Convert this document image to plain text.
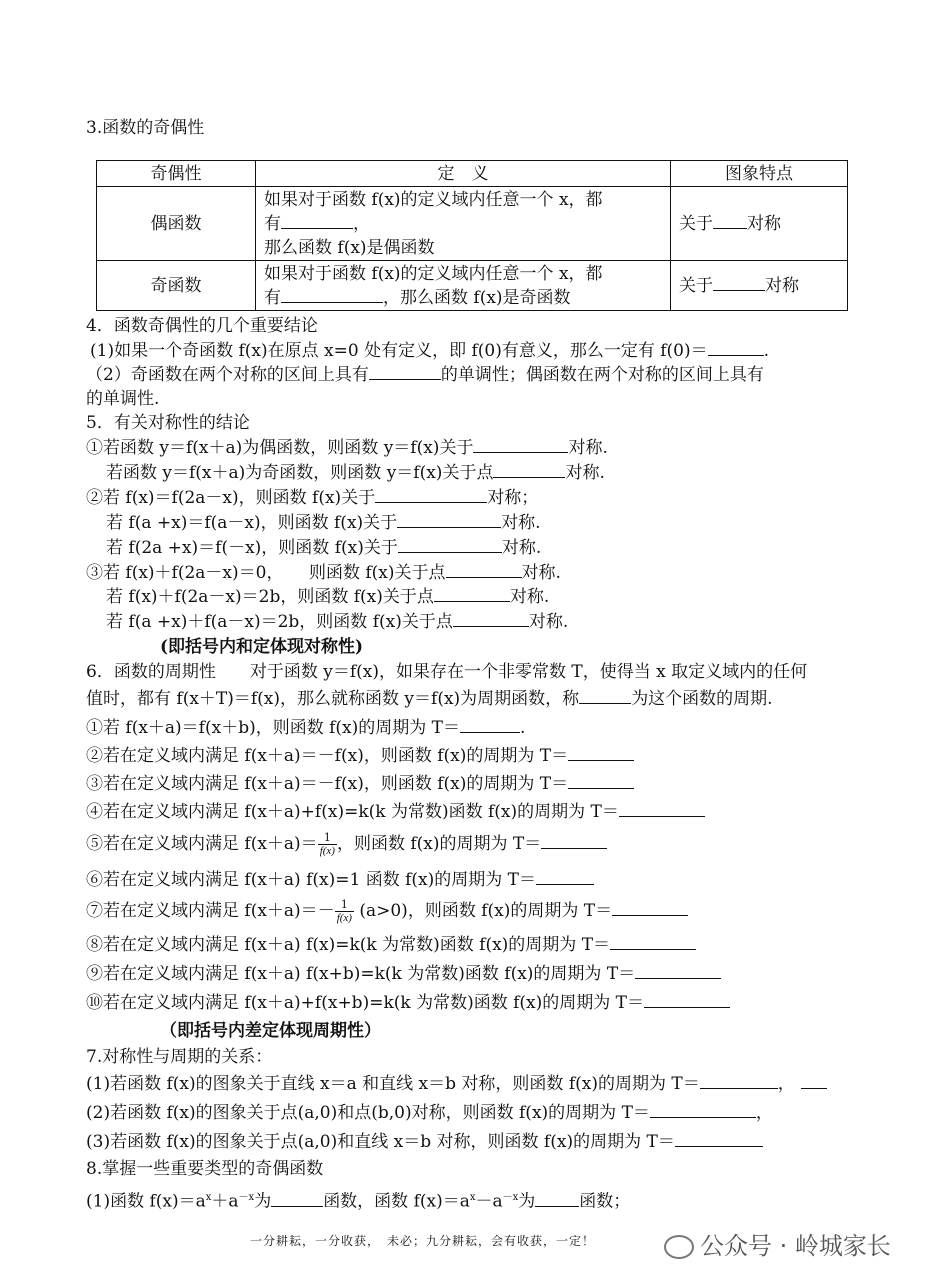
3.函数的奇偶性
奇偶性	定　义	图象特点
偶函数	如果对于函数 f(x)的定义域内任意一个 x，都
有 ，
那么函数 f(x)是偶函数	关于 对称
奇函数	如果对于函数 f(x)的定义域内任意一个 x，都
有 ，那么函数 f(x)是奇函数	关于 对称
4．函数奇偶性的几个重要结论
(1)如果一个奇函数 f(x)在原点 x=0 处有定义，即 f(0)有意义，那么一定有 f(0)＝	.
（2）奇函数在两个对称的区间上具有	的单调性；偶函数在两个对称的区间上具有
的单调性.
5．有关对称性的结论
①若函数 y＝f(x＋a)为偶函数，则函数 y＝f(x)关于	对称.
若函数 y＝f(x＋a)为奇函数，则函数 y＝f(x)关于点	对称.
②若 f(x)＝f(2a－x)，则函数 f(x)关于	对称；
若 f(a +x)＝f(a－x)，则函数 f(x)关于	对称.
若 f(2a +x)＝f(－x)，则函数 f(x)关于	对称.
③若 f(x)＋f(2a－x)＝0，　　则函数 f(x)关于点	对称.
若 f(x)＋f(2a－x)＝2b，则函数 f(x)关于点	对称.
若 f(a +x)＋f(a－x)＝2b，则函数 f(x)关于点	对称.
(即括号内和定体现对称性)
6．函数的周期性　　对于函数 y＝f(x)，如果存在一个非零常数 T，使得当 x 取定义域内的任何
值时，都有 f(x＋T)＝f(x)，那么就称函数 y＝f(x)为周期函数，称	为这个函数的周期.
①若 f(x＋a)＝f(x＋b)，则函数 f(x)的周期为 T＝	.
②若在定义域内满足 f(x＋a)＝－f(x)，则函数 f(x)的周期为 T＝
③若在定义域内满足 f(x＋a)＝－f(x)，则函数 f(x)的周期为 T＝
④若在定义域内满足 f(x＋a)+f(x)=k(k 为常数)函数 f(x)的周期为 T＝
⑤若在定义域内满足 $f(x+a)= \frac{1}{f(x)}$ ，则函数 f(x)的周期为 T＝
⑥若在定义域内满足 f(x＋a) f(x)=1 函数 f(x)的周期为 T＝
⑦若在定义域内满足 $f(x+a)=- \frac{1}{f(x)} (a>0)$，则函数 f(x)的周期为 T＝
⑧若在定义域内满足 f(x＋a) f(x)=k(k 为常数)函数 f(x)的周期为 T＝
⑨若在定义域内满足 f(x＋a) f(x+b)=k(k 为常数)函数 f(x)的周期为 T＝
⑩若在定义域内满足 f(x＋a)+f(x+b)=k(k 为常数)函数 f(x)的周期为 T＝
（即括号内差定体现周期性）
7.对称性与周期的关系：
(1)若函数 f(x)的图象关于直线 x＝a 和直线 x＝b 对称，则函数 f(x)的周期为 T＝	，
(2)若函数 f(x)的图象关于点(a,0)和点(b,0)对称，则函数 f(x)的周期为 T＝	，
(3)若函数 f(x)的图象关于点(a,0)和直线 x＝b 对称，则函数 f(x)的周期为 T＝
8.掌握一些重要类型的奇偶函数
(1)函数 $f(x)=a^x+a^{-x}$为	函数，函数 $f(x)=a^x-a^{-x}$为	函数；
一分耕耘，一分收获，　未必；九分耕耘，会有收获，一定！	公众号 · 岭城家长
